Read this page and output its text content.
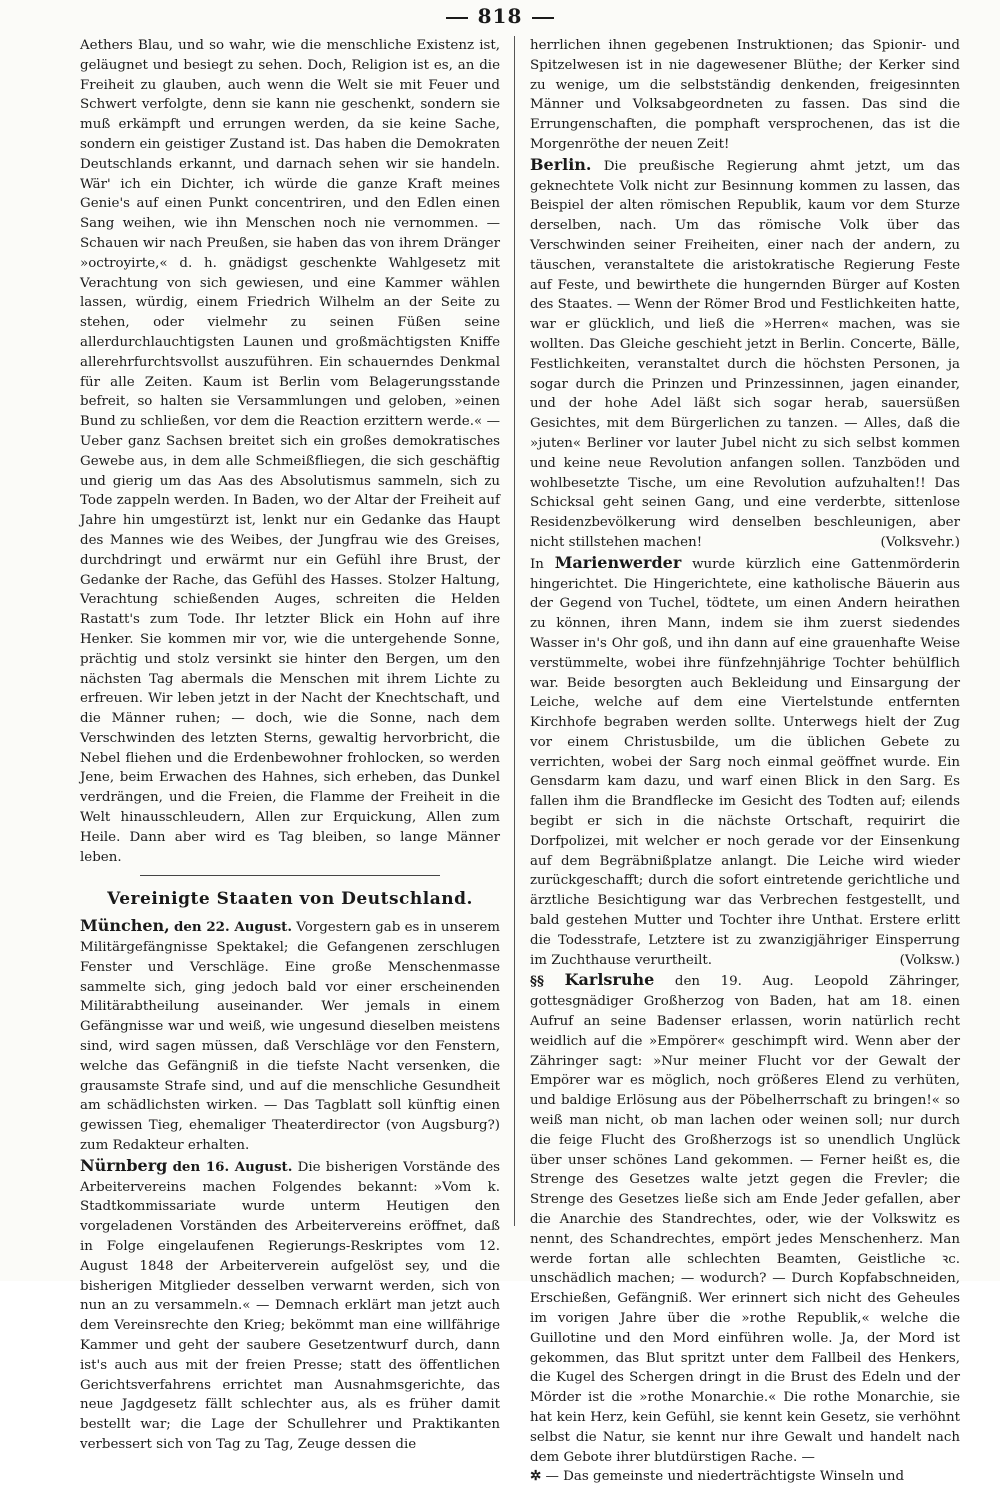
818

Aethers Blau, und so wahr, wie die menschliche Existenz ist, geläugnet und besiegt zu sehen. Doch, Religion ist es, an die Freiheit zu glauben, auch wenn die Welt sie mit Feuer und Schwert verfolgte, denn sie kann nie geschenkt, sondern sie muß erkämpft und errungen werden, da sie keine Sache, sondern ein geistiger Zustand ist. Das haben die Demokraten Deutschlands erkannt, und darnach sehen wir sie handeln. Wär' ich ein Dichter, ich würde die ganze Kraft meines Genie's auf einen Punkt concentriren, und den Edlen einen Sang weihen, wie ihn Menschen noch nie vernommen. — Schauen wir nach Preußen, sie haben das von ihrem Dränger »octroyirte,« d. h. gnädigst geschenkte Wahlgesetz mit Verachtung von sich gewiesen, und eine Kammer wählen lassen, würdig, einem Friedrich Wilhelm an der Seite zu stehen, oder vielmehr zu seinen Füßen seine allerdurchlauchtigsten Launen und großmächtigsten Kniffe allerehrfurchtsvollst auszuführen. Ein schauerndes Denkmal für alle Zeiten. Kaum ist Berlin vom Belagerungsstande befreit, so halten sie Versammlungen und geloben, »einen Bund zu schließen, vor dem die Reaction erzittern werde.« — Ueber ganz Sachsen breitet sich ein großes demokratisches Gewebe aus, in dem alle Schmeißfliegen, die sich geschäftig und gierig um das Aas des Absolutismus sammeln, sich zu Tode zappeln werden. In Baden, wo der Altar der Freiheit auf Jahre hin umgestürzt ist, lenkt nur ein Gedanke das Haupt des Mannes wie des Weibes, der Jungfrau wie des Greises, durchdringt und erwärmt nur ein Gefühl ihre Brust, der Gedanke der Rache, das Gefühl des Hasses. Stolzer Haltung, Verachtung schießenden Auges, schreiten die Helden Rastatt's zum Tode. Ihr letzter Blick ein Hohn auf ihre Henker. Sie kommen mir vor, wie die untergehende Sonne, prächtig und stolz versinkt sie hinter den Bergen, um den nächsten Tag abermals die Menschen mit ihrem Lichte zu erfreuen. Wir leben jetzt in der Nacht der Knechtschaft, und die Männer ruhen; — doch, wie die Sonne, nach dem Verschwinden des letzten Sterns, gewaltig hervorbricht, die Nebel fliehen und die Erdenbewohner frohlocken, so werden Jene, beim Erwachen des Hahnes, sich erheben, das Dunkel verdrängen, und die Freien, die Flamme der Freiheit in die Welt hinausschleudern, Allen zur Erquickung, Allen zum Heile. Dann aber wird es Tag bleiben, so lange Männer leben.

Vereinigte Staaten von Deutschland.

München, den 22. August. Vorgestern gab es in unserem Militärgefängnisse Spektakel; die Gefangenen zerschlugen Fenster und Verschläge. Eine große Menschenmasse sammelte sich, ging jedoch bald vor einer erscheinenden Militärabtheilung auseinander. Wer jemals in einem Gefängnisse war und weiß, wie ungesund dieselben meistens sind, wird sagen müssen, daß Verschläge vor den Fenstern, welche das Gefängniß in die tiefste Nacht versenken, die grausamste Strafe sind, und auf die menschliche Gesundheit am schädlichsten wirken. — Das Tagblatt soll künftig einen gewissen Tieg, ehemaliger Theaterdirector (von Augsburg?) zum Redakteur erhalten.

Nürnberg den 16. August. Die bisherigen Vorstände des Arbeitervereins machen Folgendes bekannt: »Vom k. Stadtkommissariate wurde unterm Heutigen den vorgeladenen Vorständen des Arbeitervereins eröffnet, daß in Folge eingelaufenen Regierungs-Reskriptes vom 12. August 1848 der Arbeiterverein aufgelöst sey, und die bisherigen Mitglieder desselben verwarnt werden, sich von nun an zu versammeln.« — Demnach erklärt man jetzt auch dem Vereinsrechte den Krieg; bekömmt man eine willfährige Kammer und geht der saubere Gesetzentwurf durch, dann ist's auch aus mit der freien Presse; statt des öffentlichen Gerichtsverfahrens errichtet man Ausnahmsgerichte, das neue Jagdgesetz fällt schlechter aus, als es früher damit bestellt war; die Lage der Schullehrer und Praktikanten verbessert sich von Tag zu Tag, Zeuge dessen die

herrlichen ihnen gegebenen Instruktionen; das Spionir- und Spitzelwesen ist in nie dagewesener Blüthe; der Kerker sind zu wenige, um die selbstständig denkenden, freigesinnten Männer und Volksabgeordneten zu fassen. Das sind die Errungenschaften, die pomphaft versprochenen, das ist die Morgenröthe der neuen Zeit!

Berlin. Die preußische Regierung ahmt jetzt, um das geknechtete Volk nicht zur Besinnung kommen zu lassen, das Beispiel der alten römischen Republik, kaum vor dem Sturze derselben, nach. Um das römische Volk über das Verschwinden seiner Freiheiten, einer nach der andern, zu täuschen, veranstaltete die aristokratische Regierung Feste auf Feste, und bewirthete die hungernden Bürger auf Kosten des Staates. — Wenn der Römer Brod und Festlichkeiten hatte, war er glücklich, und ließ die »Herren« machen, was sie wollten. Das Gleiche geschieht jetzt in Berlin. Concerte, Bälle, Festlichkeiten, veranstaltet durch die höchsten Personen, ja sogar durch die Prinzen und Prinzessinnen, jagen einander, und der hohe Adel läßt sich sogar herab, sauersüßen Gesichtes, mit dem Bürgerlichen zu tanzen. — Alles, daß die »juten« Berliner vor lauter Jubel nicht zu sich selbst kommen und keine neue Revolution anfangen sollen. Tanzböden und wohlbesetzte Tische, um eine Revolution aufzuhalten!! Das Schicksal geht seinen Gang, und eine verderbte, sittenlose Residenzbevölkerung wird denselben beschleunigen, aber nicht stillstehen machen!	(Volksvehr.)

In Marienwerder wurde kürzlich eine Gattenmörderin hingerichtet. Die Hingerichtete, eine katholische Bäuerin aus der Gegend von Tuchel, tödtete, um einen Andern heirathen zu können, ihren Mann, indem sie ihm zuerst siedendes Wasser in's Ohr goß, und ihn dann auf eine grauenhafte Weise verstümmelte, wobei ihre fünfzehnjährige Tochter behülflich war. Beide besorgten auch Bekleidung und Einsargung der Leiche, welche auf dem eine Viertelstunde entfernten Kirchhofe begraben werden sollte. Unterwegs hielt der Zug vor einem Christusbilde, um die üblichen Gebete zu verrichten, wobei der Sarg noch einmal geöffnet wurde. Ein Gensdarm kam dazu, und warf einen Blick in den Sarg. Es fallen ihm die Brandflecke im Gesicht des Todten auf; eilends begibt er sich in die nächste Ortschaft, requirirt die Dorfpolizei, mit welcher er noch gerade vor der Einsenkung auf dem Begräbnißplatze anlangt. Die Leiche wird wieder zurückgeschafft; durch die sofort eintretende gerichtliche und ärztliche Besichtigung war das Verbrechen festgestellt, und bald gestehen Mutter und Tochter ihre Unthat. Erstere erlitt die Todesstrafe, Letztere ist zu zwanzigjähriger Einsperrung im Zuchthause verurtheilt.	(Volksw.)

§§ Karlsruhe den 19. Aug. Leopold Zähringer, gottesgnädiger Großherzog von Baden, hat am 18. einen Aufruf an seine Badenser erlassen, worin natürlich recht weidlich auf die »Empörer« geschimpft wird. Wenn aber der Zähringer sagt: »Nur meiner Flucht vor der Gewalt der Empörer war es möglich, noch größeres Elend zu verhüten, und baldige Erlösung aus der Pöbelherrschaft zu bringen!« so weiß man nicht, ob man lachen oder weinen soll; nur durch die feige Flucht des Großherzogs ist so unendlich Unglück über unser schönes Land gekommen. — Ferner heißt es, die Strenge des Gesetzes walte jetzt gegen die Frevler; die Strenge des Gesetzes ließe sich am Ende Jeder gefallen, aber die Anarchie des Standrechtes, oder, wie der Volkswitz es nennt, des Schandrechtes, empört jedes Menschenherz. Man werde fortan alle schlechten Beamten, Geistliche ꝛc. unschädlich machen; — wodurch? — Durch Kopfabschneiden, Erschießen, Gefängniß. Wer erinnert sich nicht des Geheules im vorigen Jahre über die »rothe Republik,« welche die Guillotine und den Mord einführen wolle. Ja, der Mord ist gekommen, das Blut spritzt unter dem Fallbeil des Henkers, die Kugel des Schergen dringt in die Brust des Edeln und der Mörder ist die »rothe Monarchie.« Die rothe Monarchie, sie hat kein Herz, kein Gefühl, sie kennt kein Gesetz, sie verhöhnt selbst die Natur, sie kennt nur ihre Gewalt und handelt nach dem Gebote ihrer blutdürstigen Rache. —

✲ — Das gemeinste und niederträchtigste Winseln und
